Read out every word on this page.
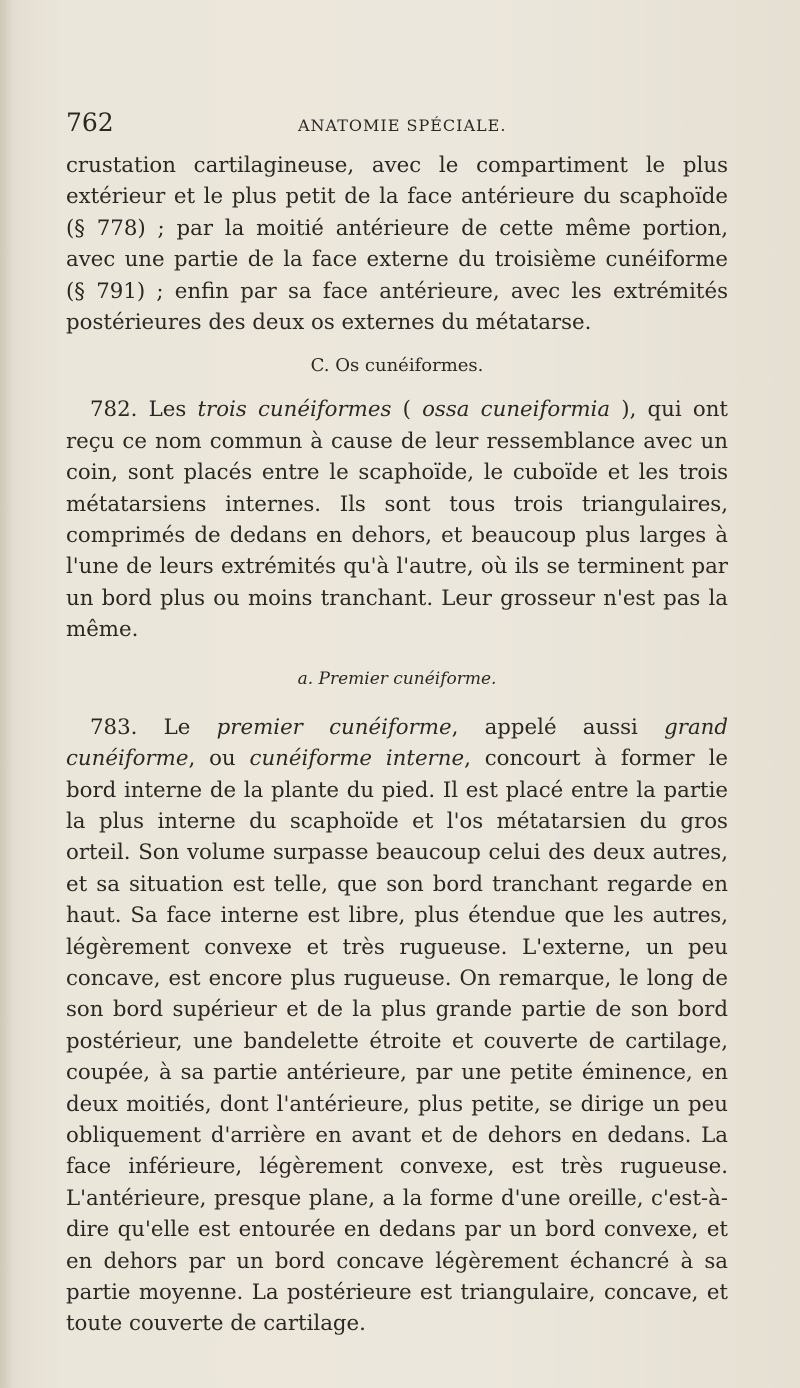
762	ANATOMIE SPÉCIALE.

crustation cartilagineuse, avec le compartiment le plus extérieur et le plus petit de la face antérieure du scaphoïde (§ 778) ; par la moitié antérieure de cette même portion, avec une partie de la face externe du troisième cunéiforme (§ 791) ; enfin par sa face antérieure, avec les extrémités postérieures des deux os externes du métatarse.

C. Os cunéiformes.

782. Les trois cunéiformes ( ossa cuneiformia ), qui ont reçu ce nom commun à cause de leur ressemblance avec un coin, sont placés entre le scaphoïde, le cuboïde et les trois métatarsiens internes. Ils sont tous trois triangulaires, comprimés de dedans en dehors, et beaucoup plus larges à l'une de leurs extrémités qu'à l'autre, où ils se terminent par un bord plus ou moins tranchant. Leur grosseur n'est pas la même.

a. Premier cunéiforme.

783. Le premier cunéiforme, appelé aussi grand cunéiforme, ou cunéiforme interne, concourt à former le bord interne de la plante du pied. Il est placé entre la partie la plus interne du scaphoïde et l'os métatarsien du gros orteil. Son volume surpasse beaucoup celui des deux autres, et sa situation est telle, que son bord tranchant regarde en haut. Sa face interne est libre, plus étendue que les autres, légèrement convexe et très rugueuse. L'externe, un peu concave, est encore plus rugueuse. On remarque, le long de son bord supérieur et de la plus grande partie de son bord postérieur, une bandelette étroite et couverte de cartilage, coupée, à sa partie antérieure, par une petite éminence, en deux moitiés, dont l'antérieure, plus petite, se dirige un peu obliquement d'arrière en avant et de dehors en dedans. La face inférieure, légèrement convexe, est très rugueuse. L'antérieure, presque plane, a la forme d'une oreille, c'est-à-dire qu'elle est entourée en dedans par un bord convexe, et en dehors par un bord concave légèrement échancré à sa partie moyenne. La postérieure est triangulaire, concave, et toute couverte de cartilage.
